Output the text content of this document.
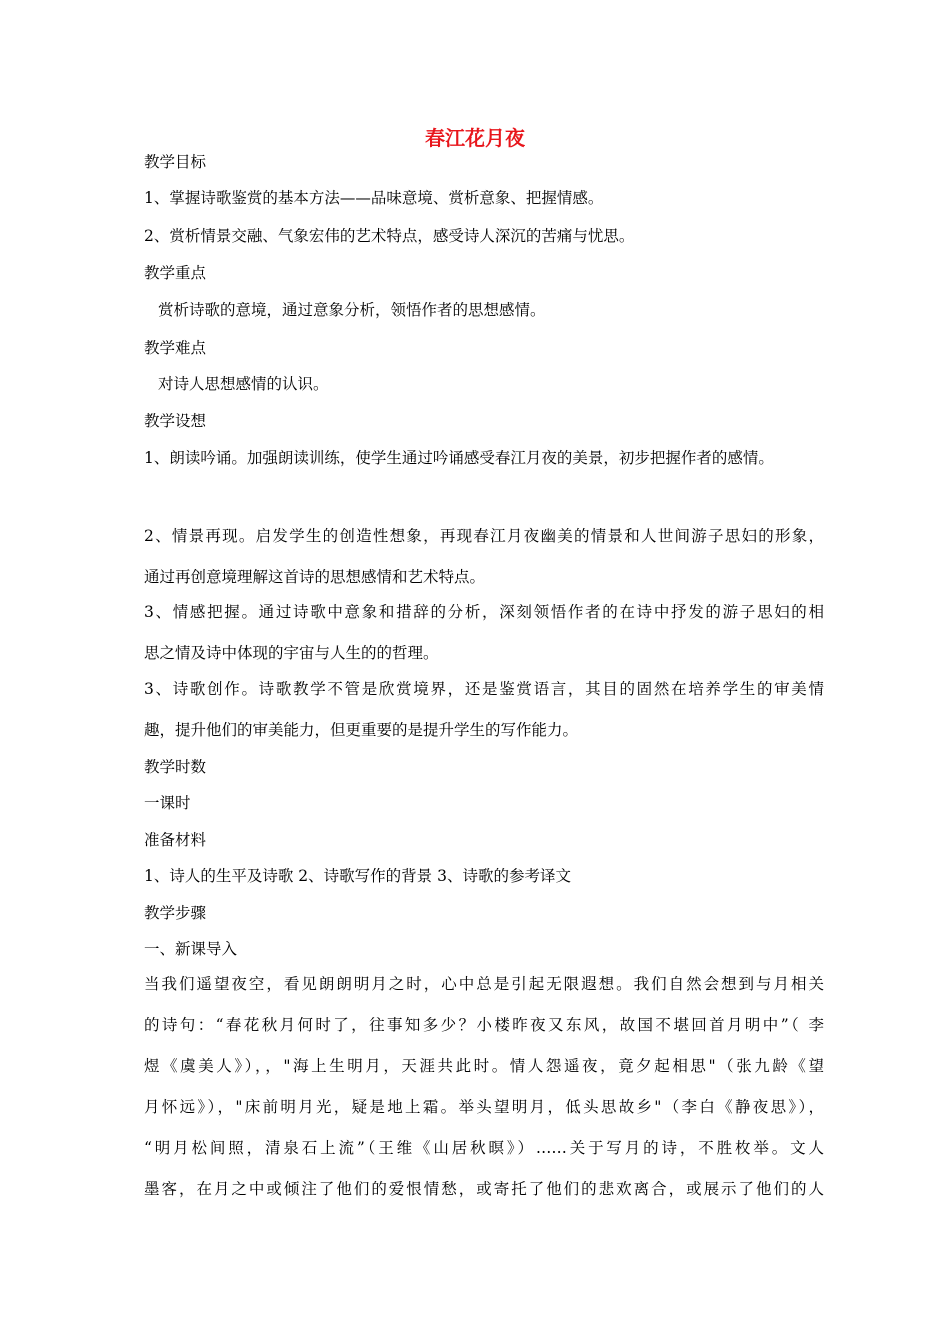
春江花月夜
教学目标
1、掌握诗歌鉴赏的基本方法——品味意境、赏析意象、把握情感。
2、赏析情景交融、气象宏伟的艺术特点，感受诗人深沉的苦痛与忧思。
教学重点
赏析诗歌的意境，通过意象分析，领悟作者的思想感情。
教学难点
对诗人思想感情的认识。
教学设想
1、朗读吟诵。加强朗读训练，使学生通过吟诵感受春江月夜的美景，初步把握作者的感情。
2、情景再现。启发学生的创造性想象，再现春江月夜幽美的情景和人世间游子思妇的形象，
通过再创意境理解这首诗的思想感情和艺术特点。
3、情感把握。通过诗歌中意象和措辞的分析，深刻领悟作者的在诗中抒发的游子思妇的相
思之情及诗中体现的宇宙与人生的的哲理。
3、诗歌创作。诗歌教学不管是欣赏境界，还是鉴赏语言，其目的固然在培养学生的审美情
趣，提升他们的审美能力，但更重要的是提升学生的写作能力。
教学时数
一课时
准备材料
1、诗人的生平及诗歌 2、诗歌写作的背景 3、诗歌的参考译文
教学步骤
一、新课导入
当我们遥望夜空，看见朗朗明月之时，心中总是引起无限遐想。我们自然会想到与月相关
的诗句：“春花秋月何时了，往事知多少？小楼昨夜又东风，故国不堪回首月明中”（ 李
煜《虞美人》），，"海上生明月，天涯共此时。情人怨遥夜，竟夕起相思"（张九龄《望
月怀远》），"床前明月光，疑是地上霜。举头望明月，低头思故乡"（李白《静夜思》），
“明月松间照，清泉石上流”（王维《山居秋暝》）……关于写月的诗，不胜枚举。文人
墨客，在月之中或倾注了他们的爱恨情愁，或寄托了他们的悲欢离合，或展示了他们的人
